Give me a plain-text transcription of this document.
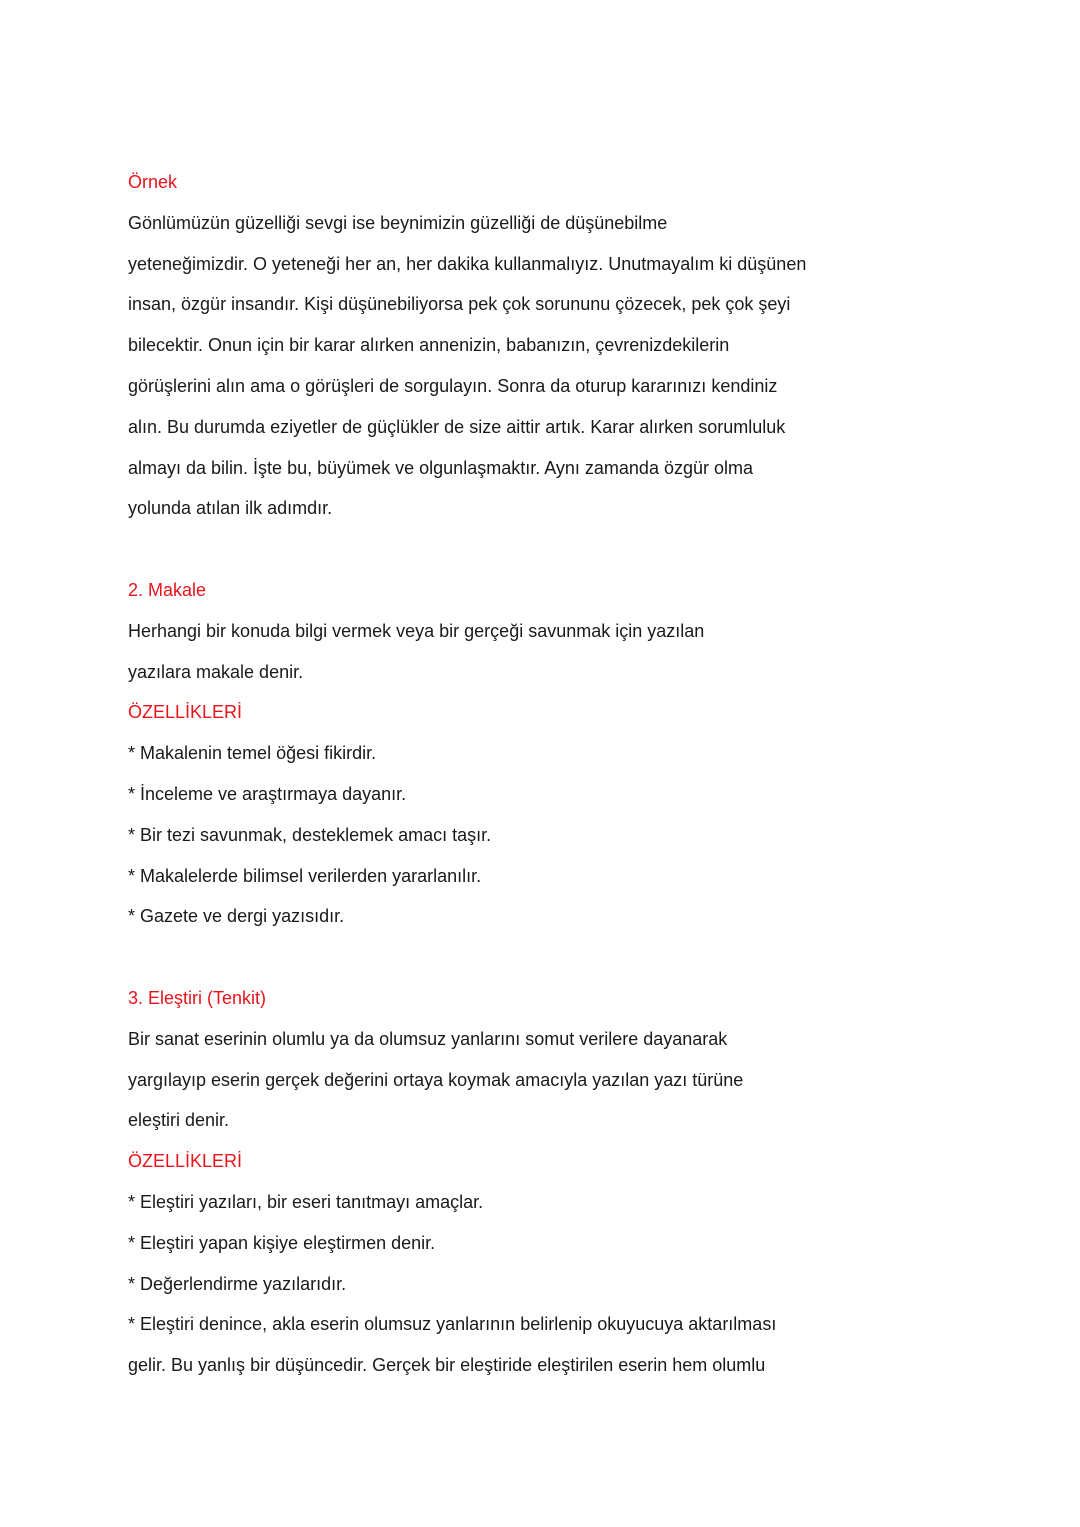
Örnek
Gönlümüzün güzelliği sevgi ise beynimizin güzelliği de düşünebilme
yeteneğimizdir. O yeteneği her an, her dakika kullanmalıyız. Unutmayalım ki düşünen
insan, özgür insandır. Kişi düşünebiliyorsa pek çok sorununu çözecek, pek çok şeyi
bilecektir. Onun için bir karar alırken annenizin, babanızın, çevrenizdekilerin
görüşlerini alın ama o görüşleri de sorgulayın. Sonra da oturup kararınızı kendiniz
alın. Bu durumda eziyetler de güçlükler de size aittir artık. Karar alırken sorumluluk
almayı da bilin. İşte bu, büyümek ve olgunlaşmaktır. Aynı zamanda özgür olma
yolunda atılan ilk adımdır.
2. Makale
Herhangi bir konuda bilgi vermek veya bir gerçeği savunmak için yazılan
yazılara makale denir.
ÖZELLİKLERİ
* Makalenin temel öğesi fikirdir.
* İnceleme ve araştırmaya dayanır.
* Bir tezi savunmak, desteklemek amacı taşır.
* Makalelerde bilimsel verilerden yararlanılır.
* Gazete ve dergi yazısıdır.
3. Eleştiri (Tenkit)
Bir sanat eserinin olumlu ya da olumsuz yanlarını somut verilere dayanarak
yargılayıp eserin gerçek değerini ortaya koymak amacıyla yazılan yazı türüne
eleştiri denir.
ÖZELLİKLERİ
* Eleştiri yazıları, bir eseri tanıtmayı amaçlar.
* Eleştiri yapan kişiye eleştirmen denir.
* Değerlendirme yazılarıdır.
* Eleştiri denince, akla eserin olumsuz yanlarının belirlenip okuyucuya aktarılması
gelir. Bu yanlış bir düşüncedir. Gerçek bir eleştiride eleştirilen eserin hem olumlu
